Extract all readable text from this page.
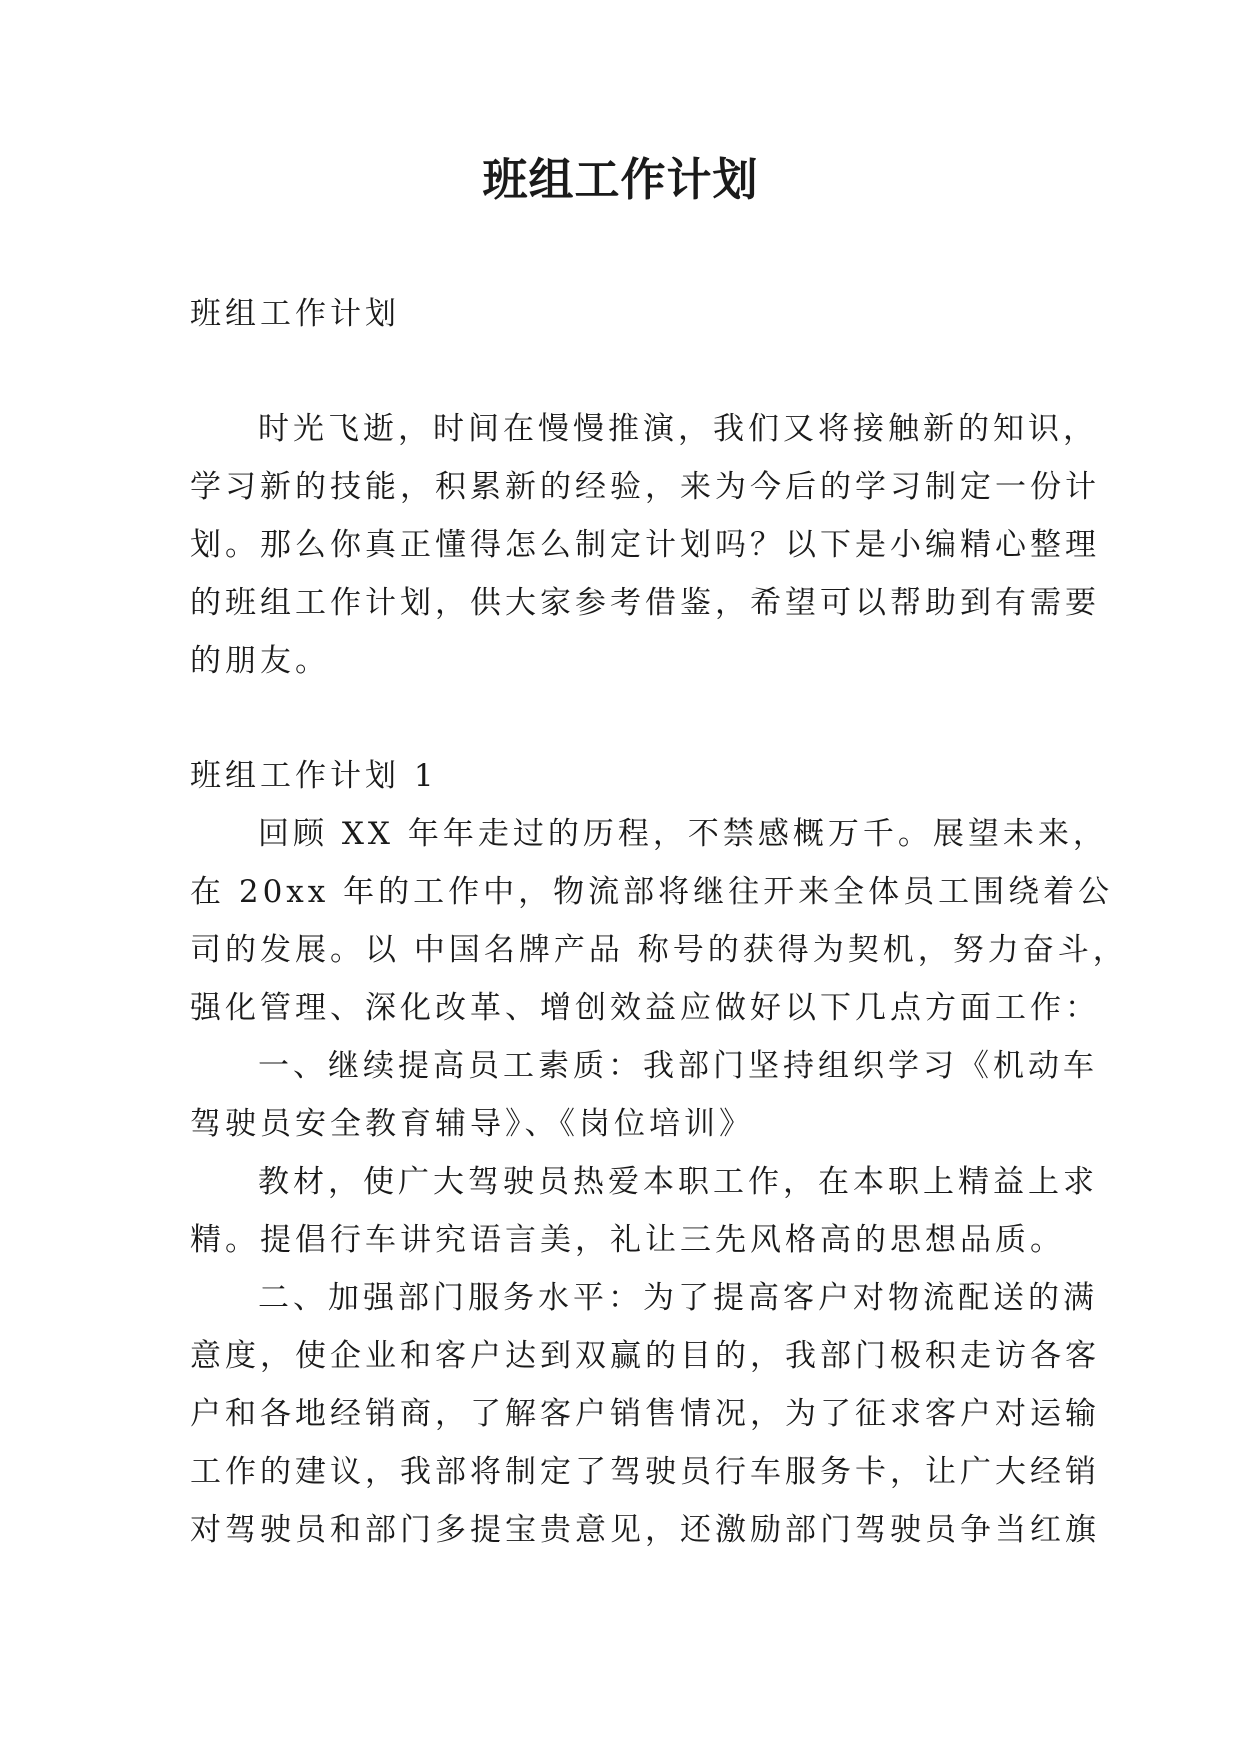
班组工作计划

班组工作计划

时光飞逝，时间在慢慢推演，我们又将接触新的知识，

学习新的技能，积累新的经验，来为今后的学习制定一份计

划。那么你真正懂得怎么制定计划吗？以下是小编精心整理

的班组工作计划，供大家参考借鉴，希望可以帮助到有需要

的朋友。

班组工作计划 1

回顾 XX 年年走过的历程，不禁感概万千。展望未来，

在 20xx 年的工作中，物流部将继往开来全体员工围绕着公

司的发展。以 中国名牌产品 称号的获得为契机，努力奋斗，

强化管理、深化改革、增创效益应做好以下几点方面工作：

一、继续提高员工素质：我部门坚持组织学习《机动车

驾驶员安全教育辅导》、《岗位培训》

教材，使广大驾驶员热爱本职工作，在本职上精益上求

精。提倡行车讲究语言美，礼让三先风格高的思想品质。

二、加强部门服务水平：为了提高客户对物流配送的满

意度，使企业和客户达到双赢的目的，我部门极积走访各客

户和各地经销商，了解客户销售情况，为了征求客户对运输

工作的建议，我部将制定了驾驶员行车服务卡，让广大经销

对驾驶员和部门多提宝贵意见，还激励部门驾驶员争当红旗
